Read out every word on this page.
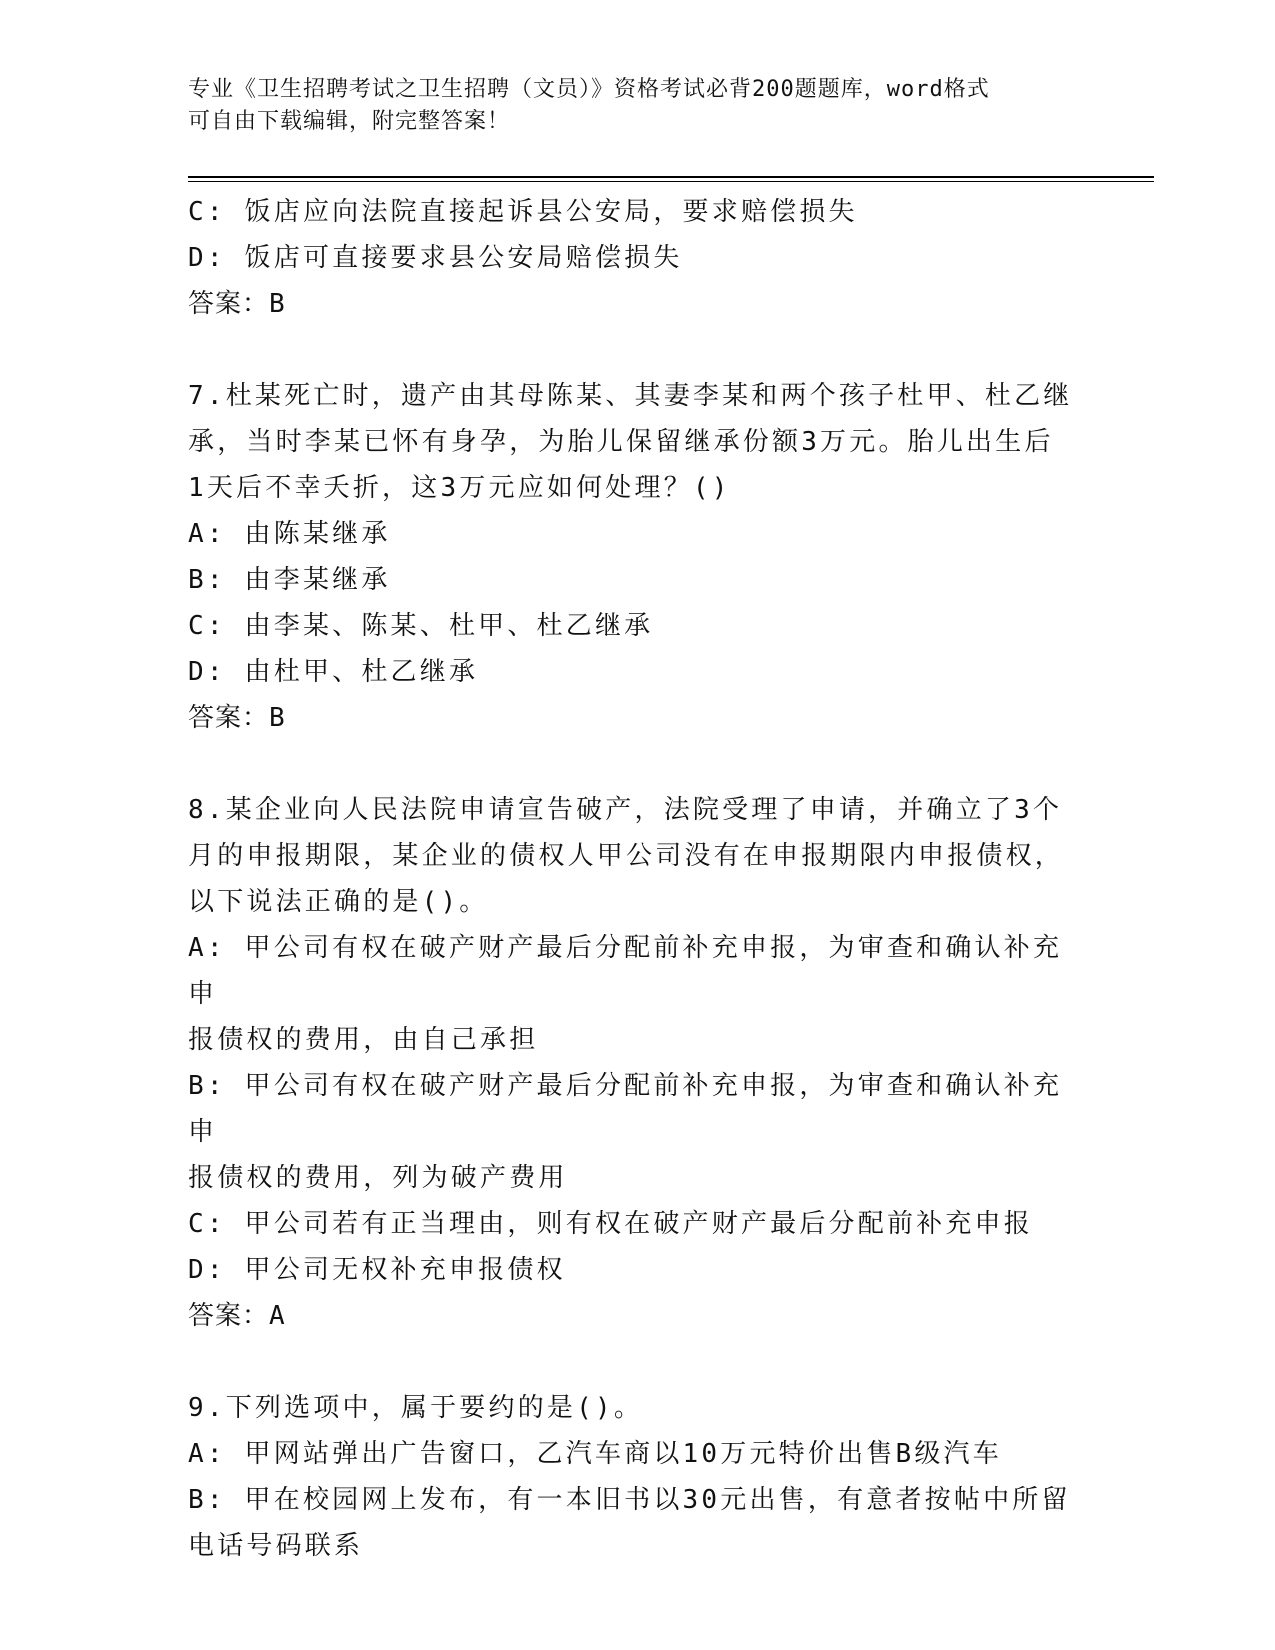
专业《卫生招聘考试之卫生招聘（文员）》资格考试必背200题题库，word格式
可自由下载编辑，附完整答案！

C: 饭店应向法院直接起诉县公安局，要求赔偿损失

D: 饭店可直接要求县公安局赔偿损失

答案：B

7.杜某死亡时，遗产由其母陈某、其妻李某和两个孩子杜甲、杜乙继

承，当时李某已怀有身孕，为胎儿保留继承份额3万元。胎儿出生后

1天后不幸夭折，这3万元应如何处理？()

A: 由陈某继承

B: 由李某继承

C: 由李某、陈某、杜甲、杜乙继承

D: 由杜甲、杜乙继承

答案：B

8.某企业向人民法院申请宣告破产，法院受理了申请，并确立了3个

月的申报期限，某企业的债权人甲公司没有在申报期限内申报债权，

以下说法正确的是()。

A: 甲公司有权在破产财产最后分配前补充申报，为审查和确认补充申

报债权的费用，由自己承担

B: 甲公司有权在破产财产最后分配前补充申报，为审查和确认补充申

报债权的费用，列为破产费用

C: 甲公司若有正当理由，则有权在破产财产最后分配前补充申报

D: 甲公司无权补充申报债权

答案：A

9.下列选项中，属于要约的是()。

A: 甲网站弹出广告窗口，乙汽车商以10万元特价出售B级汽车

B: 甲在校园网上发布，有一本旧书以30元出售，有意者按帖中所留

电话号码联系
